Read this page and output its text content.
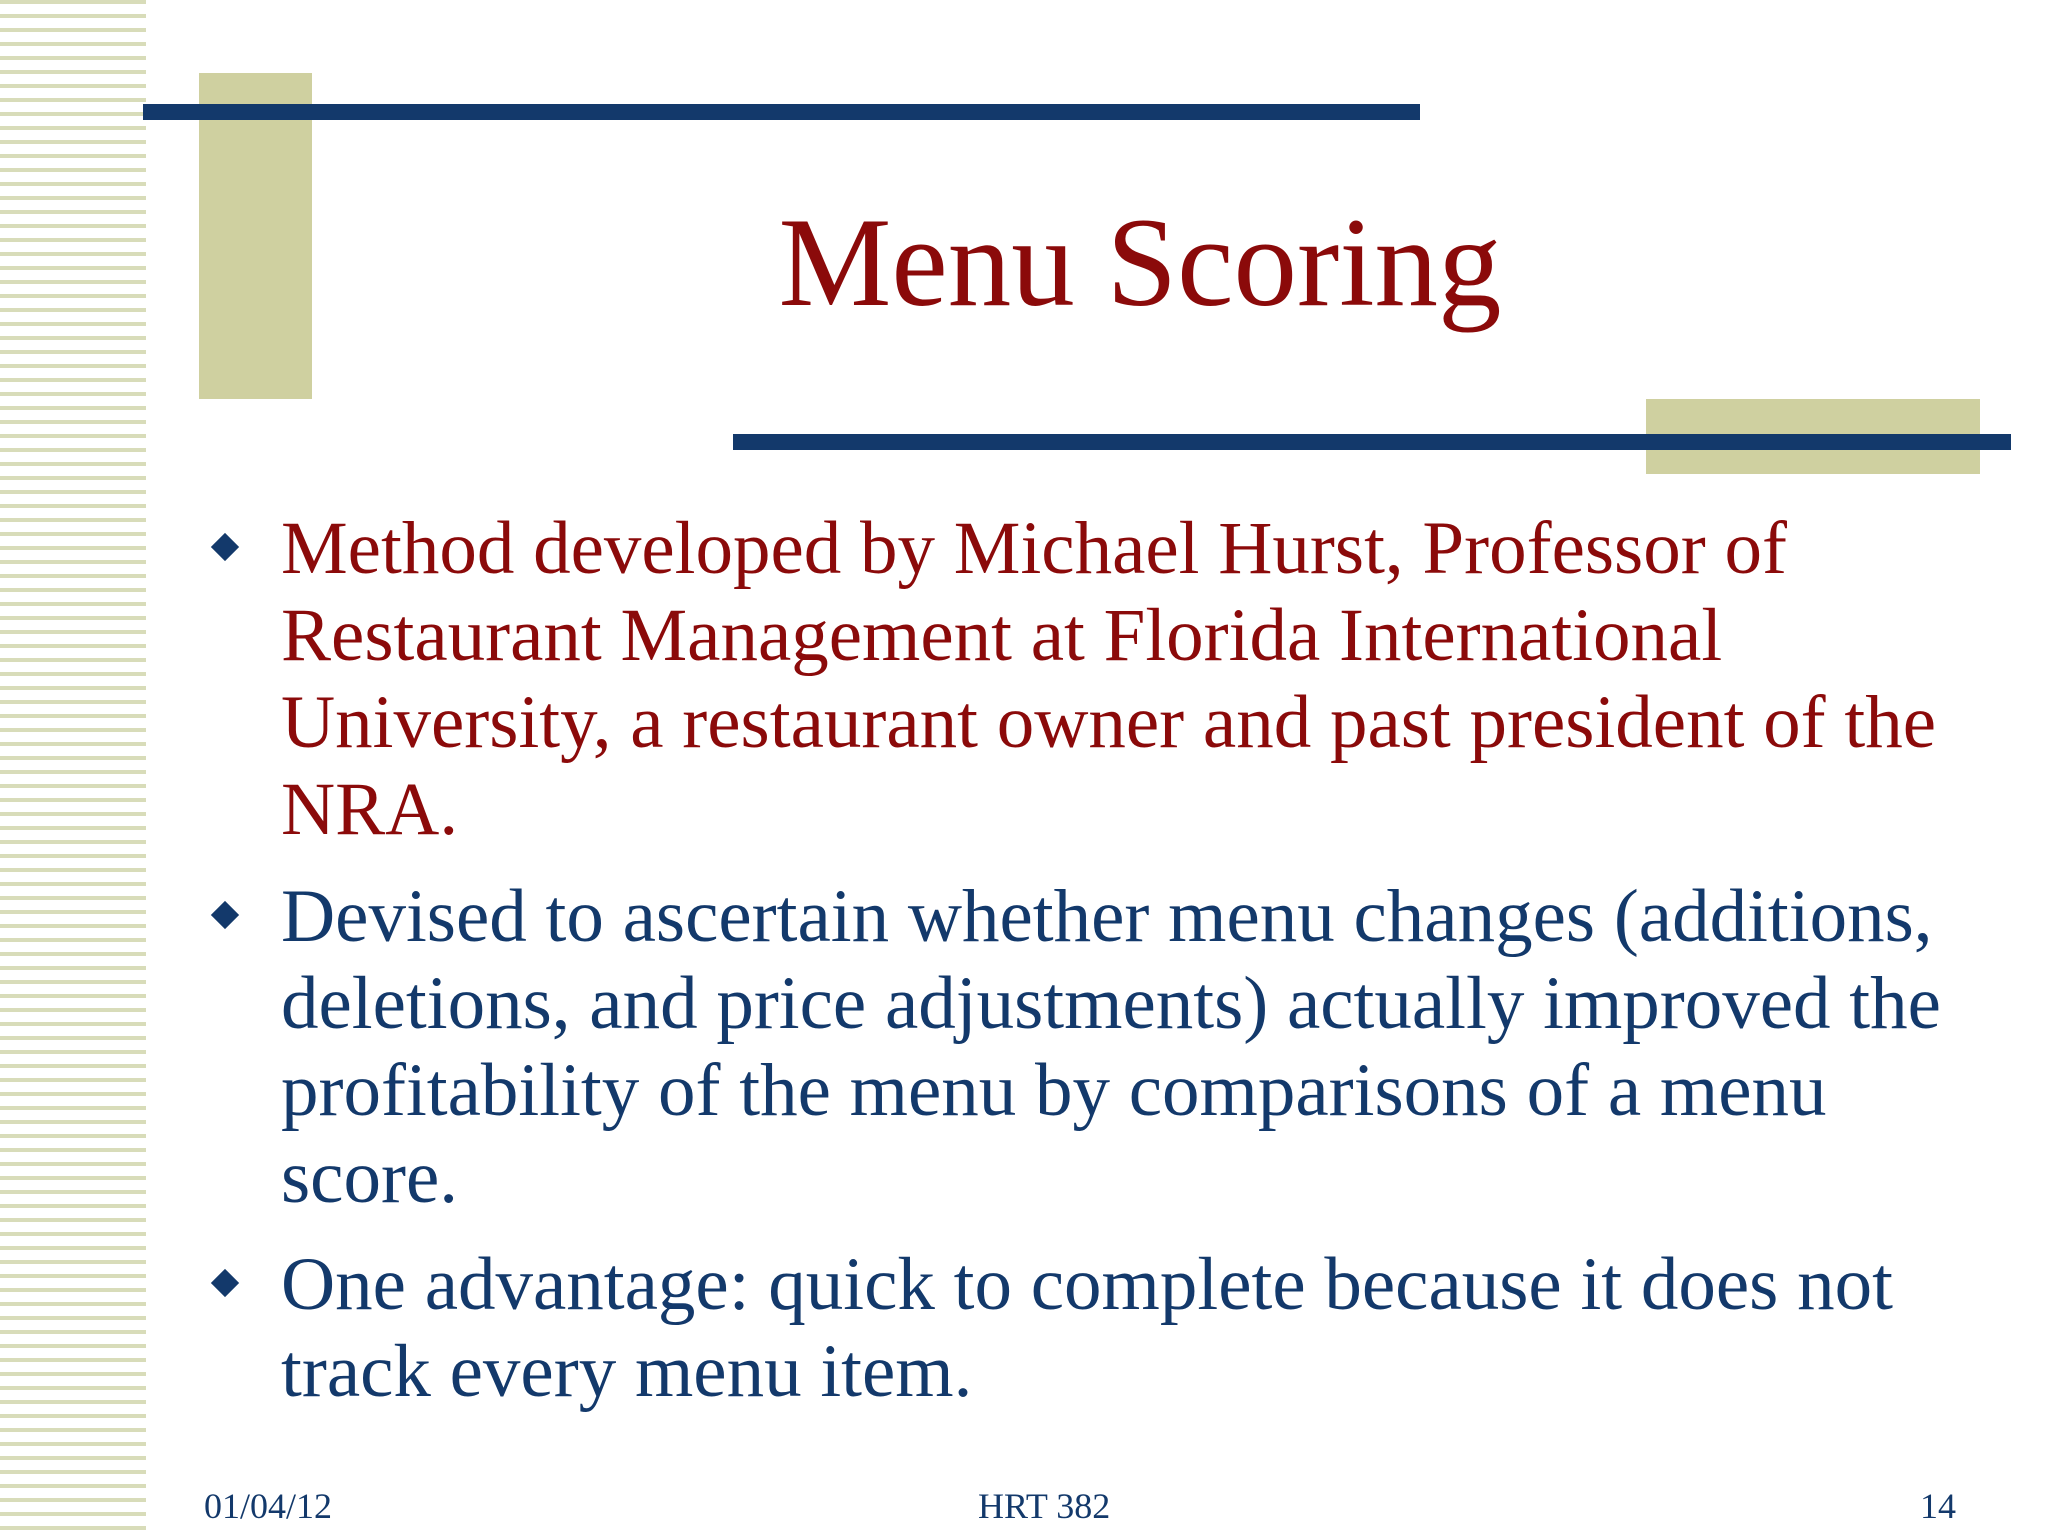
Menu Scoring
Method developed by Michael Hurst, Professor of Restaurant Management at Florida International University, a restaurant owner and past president of the NRA.
Devised to ascertain whether menu changes (additions, deletions, and price adjustments) actually improved the profitability of the menu by comparisons of a menu score.
One advantage: quick to complete because it does not track every menu item.
01/04/12	HRT 382	14
